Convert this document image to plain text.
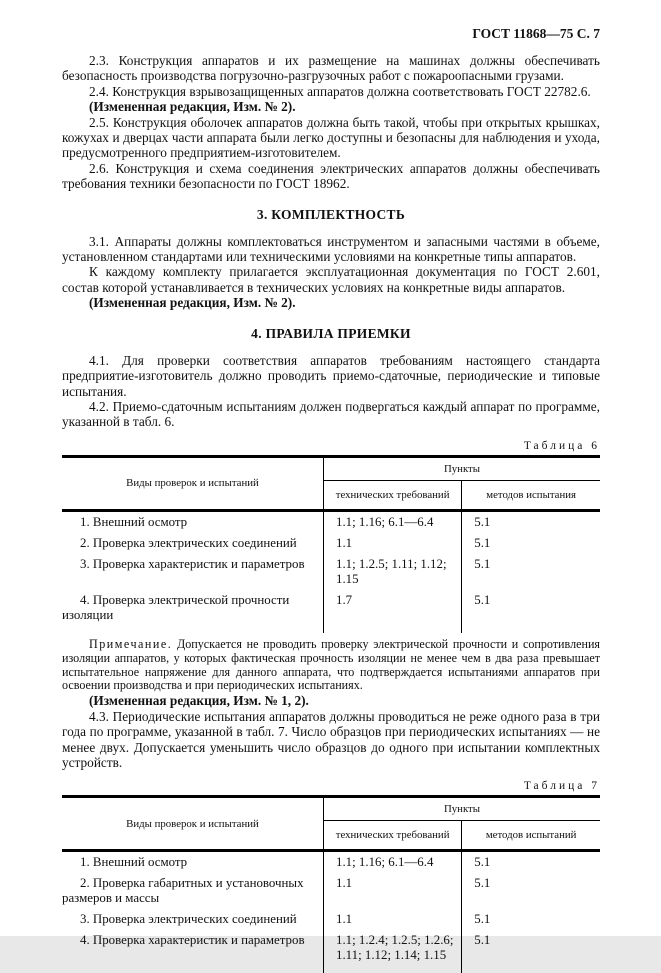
ГОСТ 11868—75 С. 7

2.3. Конструкция аппаратов и их размещение на машинах должны обеспечивать безопасность производства погрузочно-разгрузочных работ с пожароопасными грузами.

2.4. Конструкция взрывозащищенных аппаратов должна соответствовать ГОСТ 22782.6.

(Измененная редакция, Изм. № 2).

2.5. Конструкция оболочек аппаратов должна быть такой, чтобы при открытых крышках, кожухах и дверцах части аппарата были легко доступны и безопасны для наблюдения и ухода, предусмотренного предприятием-изготовителем.

2.6. Конструкция и схема соединения электрических аппаратов должны обеспечивать требования техники безопасности по ГОСТ 18962.

3. КОМПЛЕКТНОСТЬ

3.1. Аппараты должны комплектоваться инструментом и запасными частями в объеме, установленном стандартами или техническими условиями на конкретные типы аппаратов.

К каждому комплекту прилагается эксплуатационная документация по ГОСТ 2.601, состав которой устанавливается в технических условиях на конкретные виды аппаратов.

(Измененная редакция, Изм. № 2).

4. ПРАВИЛА ПРИЕМКИ

4.1. Для проверки соответствия аппаратов требованиям настоящего стандарта предприятие-изготовитель должно проводить приемо-сдаточные, периодические и типовые испытания.

4.2. Приемо-сдаточным испытаниям должен подвергаться каждый аппарат по программе, указанной в табл. 6.

Таблица 6
Виды проверок и испытаний	Пункты	
	технических требований	методов испытания
1. Внешний осмотр	1.1; 1.16; 6.1—6.4	5.1
2. Проверка электрических соединений	1.1	5.1
3. Проверка характеристик и параметров	1.1; 1.2.5; 1.11; 1.12; 1.15	5.1
4. Проверка электрической прочности изоляции	1.7	5.1

Примечание. Допускается не проводить проверку электрической прочности и сопротивления изоляции аппаратов, у которых фактическая прочность изоляции не менее чем в два раза превышает испытательное напряжение для данного аппарата, что подтверждается испытаниями аппаратов при освоении производства и при периодических испытаниях.

(Измененная редакция, Изм. № 1, 2).

4.3. Периодические испытания аппаратов должны проводиться не реже одного раза в три года по программе, указанной в табл. 7. Число образцов при периодических испытаниях — не менее двух. Допускается уменьшить число образцов до одного при испытании комплектных устройств.

Таблица 7
Виды проверок и испытаний	Пункты	
	технических требований	методов испытаний
1. Внешний осмотр	1.1; 1.16; 6.1—6.4	5.1
2. Проверка габаритных и установочных размеров и массы	1.1	5.1
3. Проверка электрических соединений	1.1	5.1
4. Проверка характеристик и параметров	1.1; 1.2.4; 1.2.5; 1.2.6; 1.11; 1.12; 1.14; 1.15	5.1
